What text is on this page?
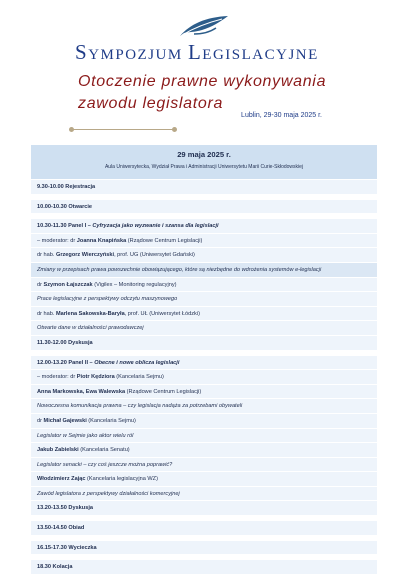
SYMPOZJUM LEGISLACYJNE
Otoczenie prawne wykonywania
zawodu legislatora
Lublin, 29-30 maja 2025 r.
29 maja 2025 r.
Aula Uniwersytecka, Wydział Prawa i Administracji Uniwersytetu Marii Curie-Skłodowskiej
9.30-10.00 Rejestracja
10.00-10.30 Otwarcie
10.30-11.30 Panel I – Cyfryzacja jako wyzwanie i szansa dla legislacji
– moderator: dr Joanna Knapińska (Rządowe Centrum Legislacji)
dr hab. Grzegorz Wierczyński, prof. UG (Uniwersytet Gdański)
Zmiany w przepisach prawa powszechnie obowiązującego, które są niezbędne do wdrożenia systemów e-legislacji
dr Szymon Łajszczak (Vigilex – Monitoring regulacyjny)
Prace legislacyjne z perspektywy odczytu maszynowego
dr hab. Marlena Sakowska-Baryła, prof. UŁ (Uniwersytet Łódzki)
Otwarte dane w działalności prawodawczej
11.30-12.00 Dyskusja
12.00-13.20 Panel II – Obecne i nowe oblicza legislacji
– moderator: dr Piotr Kędziora (Kancelaria Sejmu)
Anna Markowska, Ewa Walewska (Rządowe Centrum Legislacji)
Nowoczesna komunikacja prawna – czy legislacja nadąża za potrzebami obywateli
dr Michał Gajewski (Kancelaria Sejmu)
Legislator w Sejmie jako aktor wielu ról
Jakub Zabielski (Kancelaria Senatu)
Legislator senacki – czy coś jeszcze można poprawić?
Włodzimierz Zając (Kancelaria legislacyjna WZ)
Zawód legislatora z perspektywy działalności komercyjnej
13.20-13.50 Dyskusja
13.50-14.50 Obiad
16.15-17.30 Wycieczka
18.30 Kolacja
